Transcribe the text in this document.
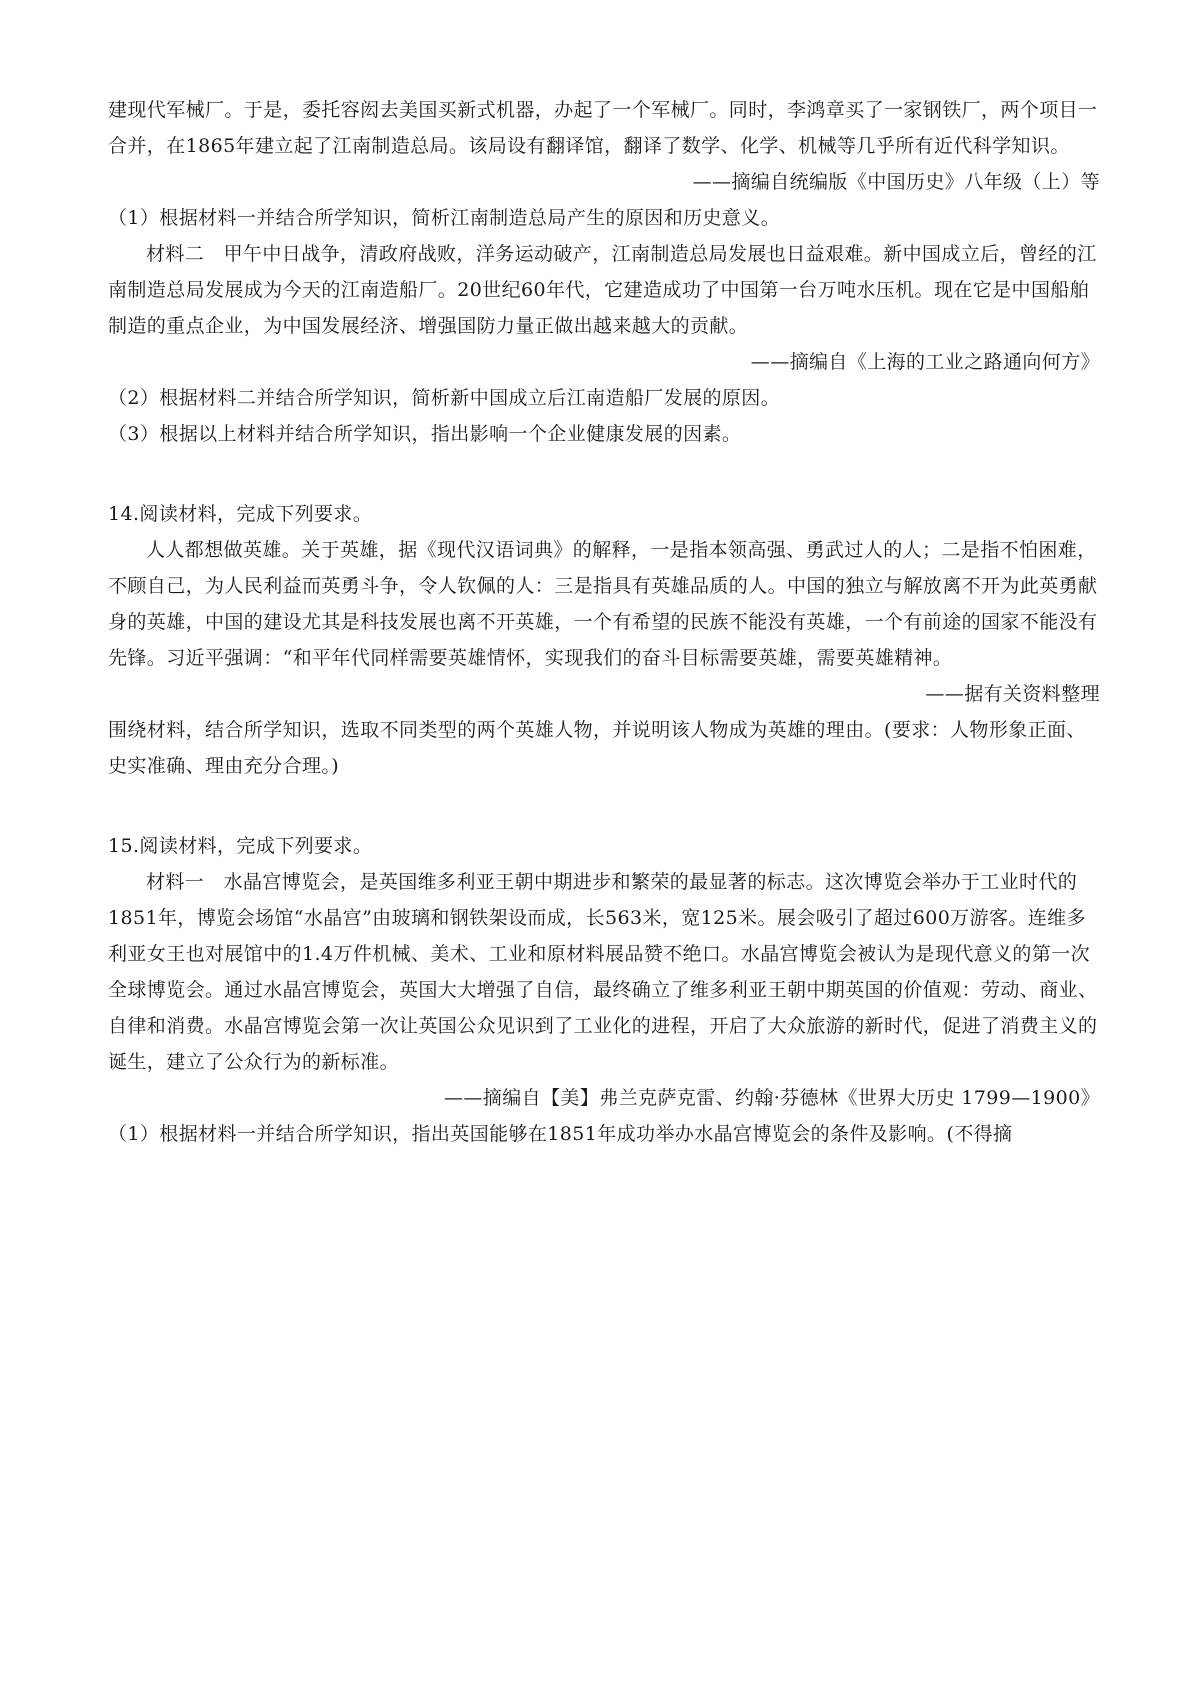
建现代军械厂。于是，委托容闳去美国买新式机器，办起了一个军械厂。同时，李鸿章买了一家钢铁厂，两个项目一合并，在1865年建立起了江南制造总局。该局设有翻译馆，翻译了数学、化学、机械等几乎所有近代科学知识。

——摘编自统编版《中国历史》八年级（上）等

（1）根据材料一并结合所学知识，简析江南制造总局产生的原因和历史意义。

材料二　甲午中日战争，清政府战败，洋务运动破产，江南制造总局发展也日益艰难。新中国成立后，曾经的江南制造总局发展成为今天的江南造船厂。20世纪60年代，它建造成功了中国第一台万吨水压机。现在它是中国船舶制造的重点企业，为中国发展经济、增强国防力量正做出越来越大的贡献。

——摘编自《上海的工业之路通向何方》

（2）根据材料二并结合所学知识，简析新中国成立后江南造船厂发展的原因。

（3）根据以上材料并结合所学知识，指出影响一个企业健康发展的因素。

14.阅读材料，完成下列要求。

人人都想做英雄。关于英雄，据《现代汉语词典》的解释，一是指本领高强、勇武过人的人；二是指不怕困难，不顾自己，为人民利益而英勇斗争，令人钦佩的人：三是指具有英雄品质的人。中国的独立与解放离不开为此英勇献身的英雄，中国的建设尤其是科技发展也离不开英雄，一个有希望的民族不能没有英雄，一个有前途的国家不能没有先锋。习近平强调：“和平年代同样需要英雄情怀，实现我们的奋斗目标需要英雄，需要英雄精神。

——据有关资料整理

围绕材料，结合所学知识，选取不同类型的两个英雄人物，并说明该人物成为英雄的理由。(要求：人物形象正面、史实准确、理由充分合理。)

15.阅读材料，完成下列要求。

材料一　水晶宫博览会，是英国维多利亚王朝中期进步和繁荣的最显著的标志。这次博览会举办于工业时代的1851年，博览会场馆“水晶宫”由玻璃和钢铁架设而成，长563米，宽125米。展会吸引了超过600万游客。连维多利亚女王也对展馆中的1.4万件机械、美术、工业和原材料展品赞不绝口。水晶宫博览会被认为是现代意义的第一次全球博览会。通过水晶宫博览会，英国大大增强了自信，最终确立了维多利亚王朝中期英国的价值观：劳动、商业、自律和消费。水晶宫博览会第一次让英国公众见识到了工业化的进程，开启了大众旅游的新时代，促进了消费主义的诞生，建立了公众行为的新标准。

——摘编自【美】弗兰克萨克雷、约翰·芬德林《世界大历史 1799—1900》

（1）根据材料一并结合所学知识，指出英国能够在1851年成功举办水晶宫博览会的条件及影响。(不得摘
